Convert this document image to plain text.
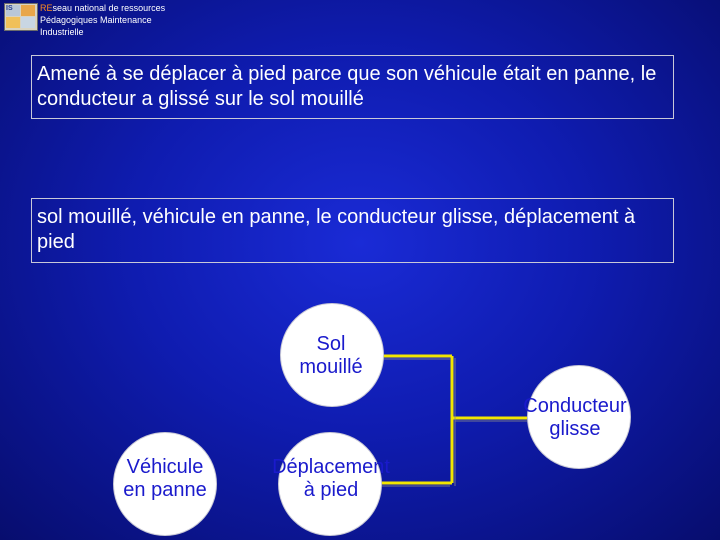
IS	REseau national de ressources
Pédagogiques Maintenance
Industrielle
Amené à se déplacer à pied parce que son véhicule était en panne, le conducteur a glissé sur le sol mouillé
sol mouillé, véhicule en panne, le conducteur glisse, déplacement à pied
Sol
mouillé
Conducteur
glisse
Véhicule
en panne
Déplacement
à pied
